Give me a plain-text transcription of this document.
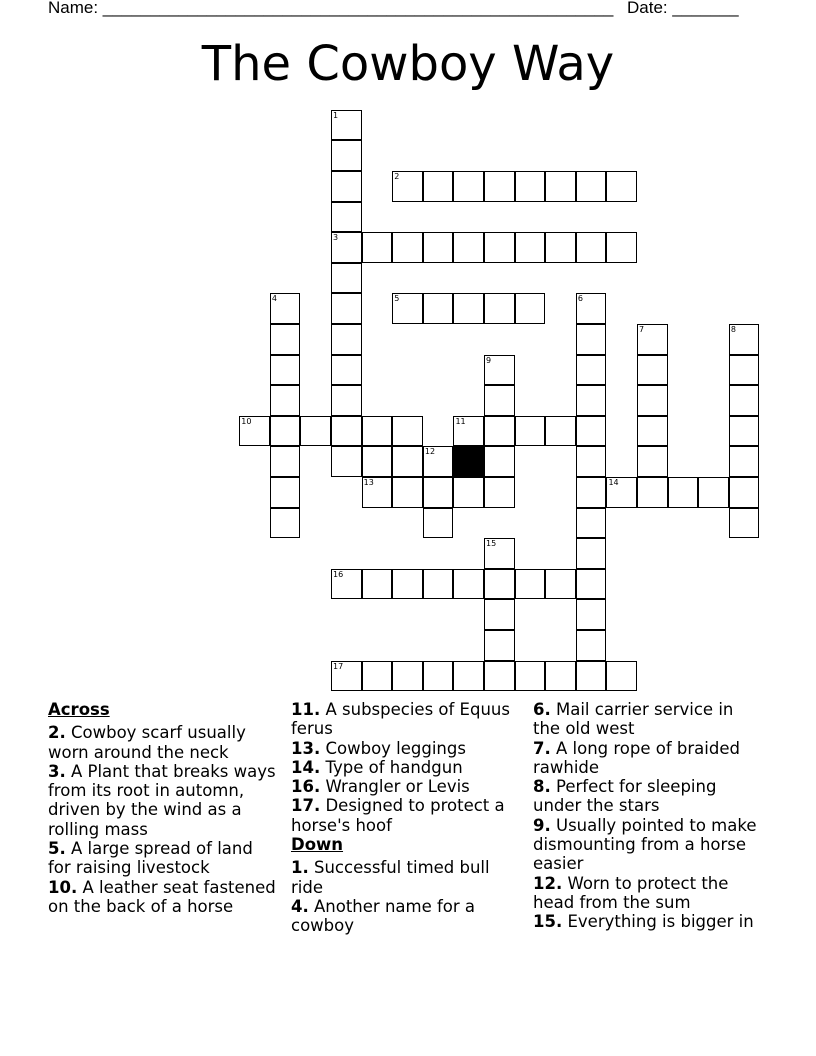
Name: ______________________________________________________ Date: _______
The Cowboy Way
1
3
2
4	5	6
7	8
9
10	11
12
13	14
15
16
17
Across
2. Cowboy scarf usually worn around the neck
3. A Plant that breaks ways from its root in automn, driven by the wind as a rolling mass
5. A large spread of land for raising livestock
10. A leather seat fastened on the back of a horse
11. A subspecies of Equus ferus
13. Cowboy leggings
14. Type of handgun
16. Wrangler or Levis
17. Designed to protect a horse's hoof
Down
1. Successful timed bull ride
4. Another name for a cowboy
6. Mail carrier service in the old west
7. A long rope of braided rawhide
8. Perfect for sleeping under the stars
9. Usually pointed to make dismounting from a horse easier
12. Worn to protect the head from the sum
15. Everything is bigger in
